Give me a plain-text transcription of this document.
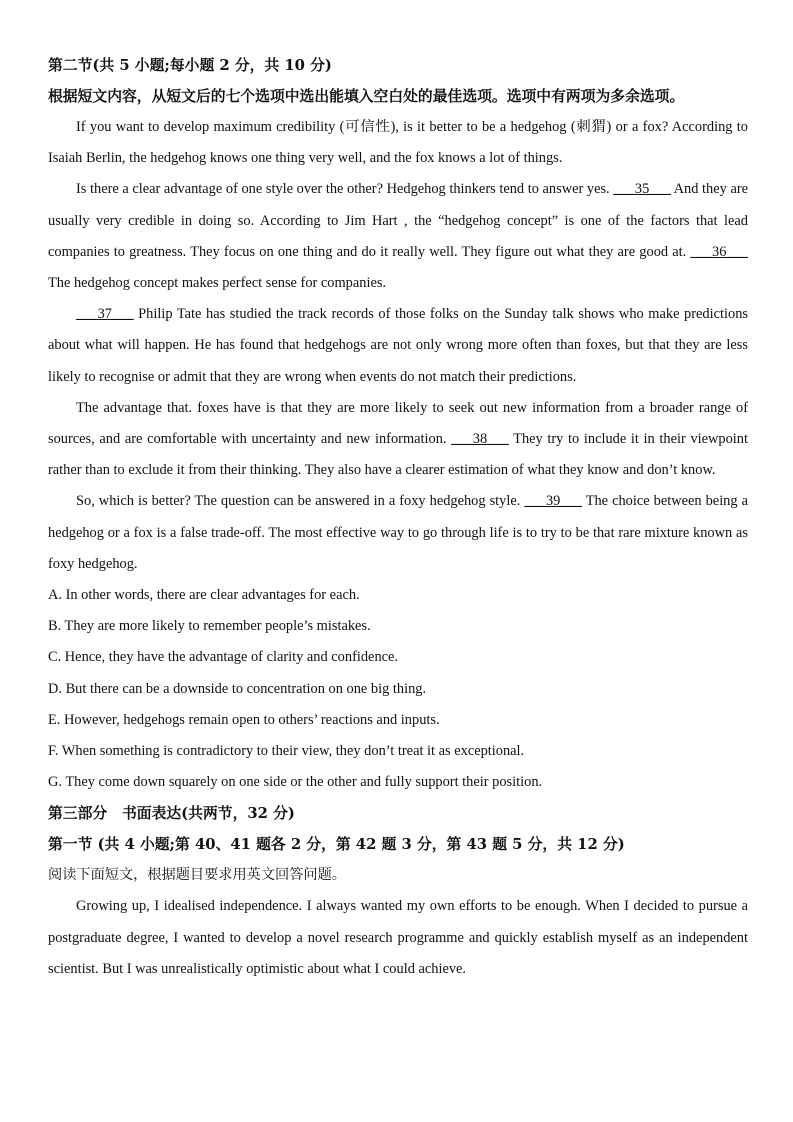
第二节(共 5 小题;每小题 2 分，共 10 分)

根据短文内容，从短文后的七个选项中选出能填入空白处的最佳选项。选项中有两项为多余选项。

If you want to develop maximum credibility (可信性), is it better to be a hedgehog (刺猬) or a fox? According to Isaiah Berlin, the hedgehog knows one thing very well, and the fox knows a lot of things.

Is there a clear advantage of one style over the other? Hedgehog thinkers tend to answer yes. ___35___ And they are usually very credible in doing so. According to Jim Hart , the “hedgehog concept” is one of the factors that lead companies to greatness. They focus on one thing and do it really well. They figure out what they are good at. ___36___ The hedgehog concept makes perfect sense for companies.

___37___ Philip Tate has studied the track records of those folks on the Sunday talk shows who make predictions about what will happen. He has found that hedgehogs are not only wrong more often than foxes, but that they are less likely to recognise or admit that they are wrong when events do not match their predictions.

The advantage that. foxes have is that they are more likely to seek out new information from a broader range of sources, and are comfortable with uncertainty and new information. ___38___ They try to include it in their viewpoint rather than to exclude it from their thinking. They also have a clearer estimation of what they know and don’t know.

So, which is better? The question can be answered in a foxy hedgehog style. ___39___ The choice between being a hedgehog or a fox is a false trade-off. The most effective way to go through life is to try to be that rare mixture known as foxy hedgehog.

A. In other words, there are clear advantages for each.

B. They are more likely to remember people’s mistakes.

C. Hence, they have the advantage of clarity and confidence.

D. But there can be a downside to concentration on one big thing.

E. However, hedgehogs remain open to others’ reactions and inputs.

F. When something is contradictory to their view, they don’t treat it as exceptional.

G. They come down squarely on one side or the other and fully support their position.

第三部分　书面表达(共两节，32 分)

第一节 (共 4 小题;第 40、41 题各 2 分，第 42 题 3 分，第 43 题 5 分，共 12 分)

阅读下面短文，根据题目要求用英文回答问题。

Growing up, I idealised independence. I always wanted my own efforts to be enough. When I decided to pursue a postgraduate degree, I wanted to develop a novel research programme and quickly establish myself as an independent scientist. But I was unrealistically optimistic about what I could achieve.
